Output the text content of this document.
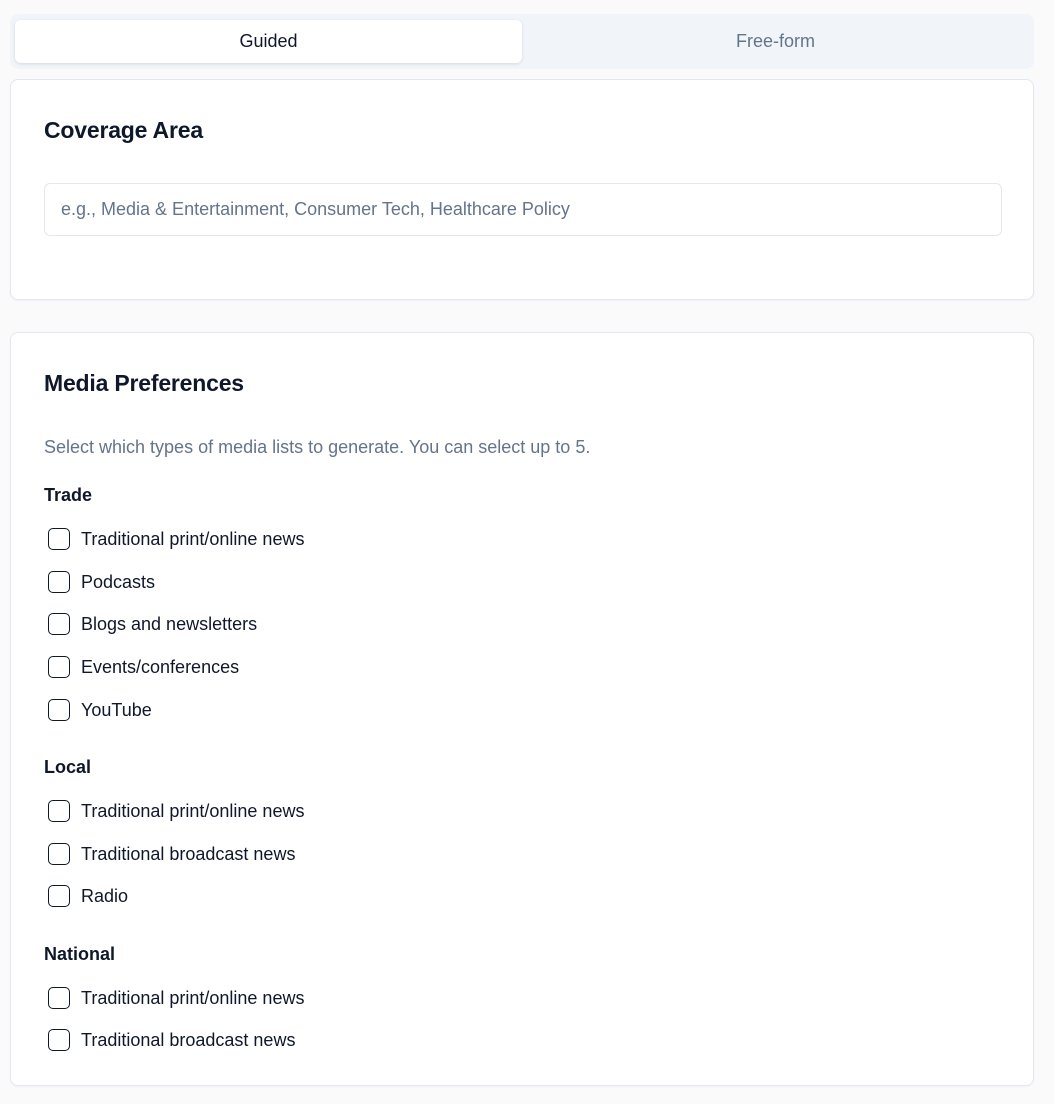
Guided	Free-form
Coverage Area
e.g., Media & Entertainment, Consumer Tech, Healthcare Policy
Media Preferences
Select which types of media lists to generate. You can select up to 5.
Trade
Traditional print/online news
Podcasts
Blogs and newsletters
Events/conferences
YouTube
Local
Traditional print/online news
Traditional broadcast news
Radio
National
Traditional print/online news
Traditional broadcast news
